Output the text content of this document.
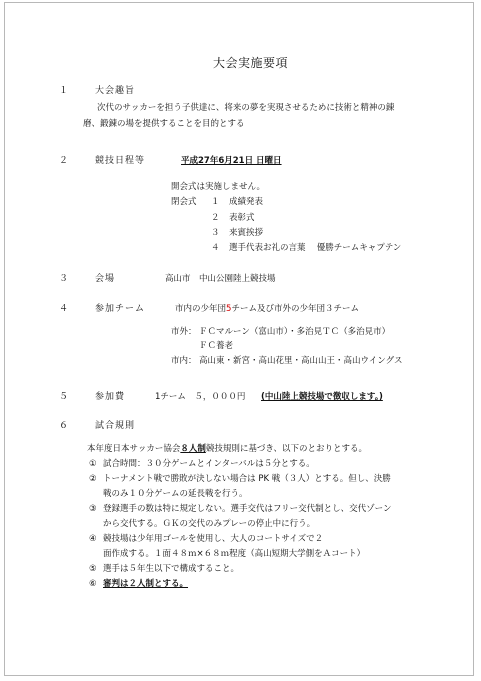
大会実施要項
１	大会趣旨
次代のサッカーを担う子供達に、将来の夢を実現させるために技術と精神の錬
磨、鍛錬の場を提供することを目的とする
２	競技日程等	平成27年6月21日 日曜日
開会式は実施しません。
閉会式 １ 成績発表
２ 表彰式
３ 来賓挨拶
４ 選手代表お礼の言葉　 優勝チームキャプテン
３	会場	高山市　中山公園陸上競技場
４	参加チーム	市内の少年団5チーム及び市外の少年団３チーム
市外： ＦＣマルーン（富山市）・多治見ＴＣ（多治見市）
ＦＣ養老
市内： 高山東・新宮・高山花里・高山山王・高山ウイングス
５	参加費	1チーム　５，０００円 (中山陸上競技場で徴収します。)
６	試合規則
本年度日本サッカー協会８人制競技規則に基づき、以下のとおりとする。
① 試合時間：３０分ゲームとインターバルは５分とする。
② トーナメント戦で勝敗が決しない場合は PK 戦（３人）とする。但し、決勝
戦のみ１０分ゲームの延長戦を行う。
③ 登録選手の数は特に規定しない。選手交代はフリー交代制とし、交代ゾーン
から交代する。ＧＫの交代のみプレーの停止中に行う。
④ 競技場は少年用ゴールを使用し、大人のコートサイズで２
面作成する。１面４８ｍ×６８ｍ程度（高山短期大学側をＡコート）
⑤ 選手は５年生以下で構成すること。
⑥ 審判は２人制とする。
